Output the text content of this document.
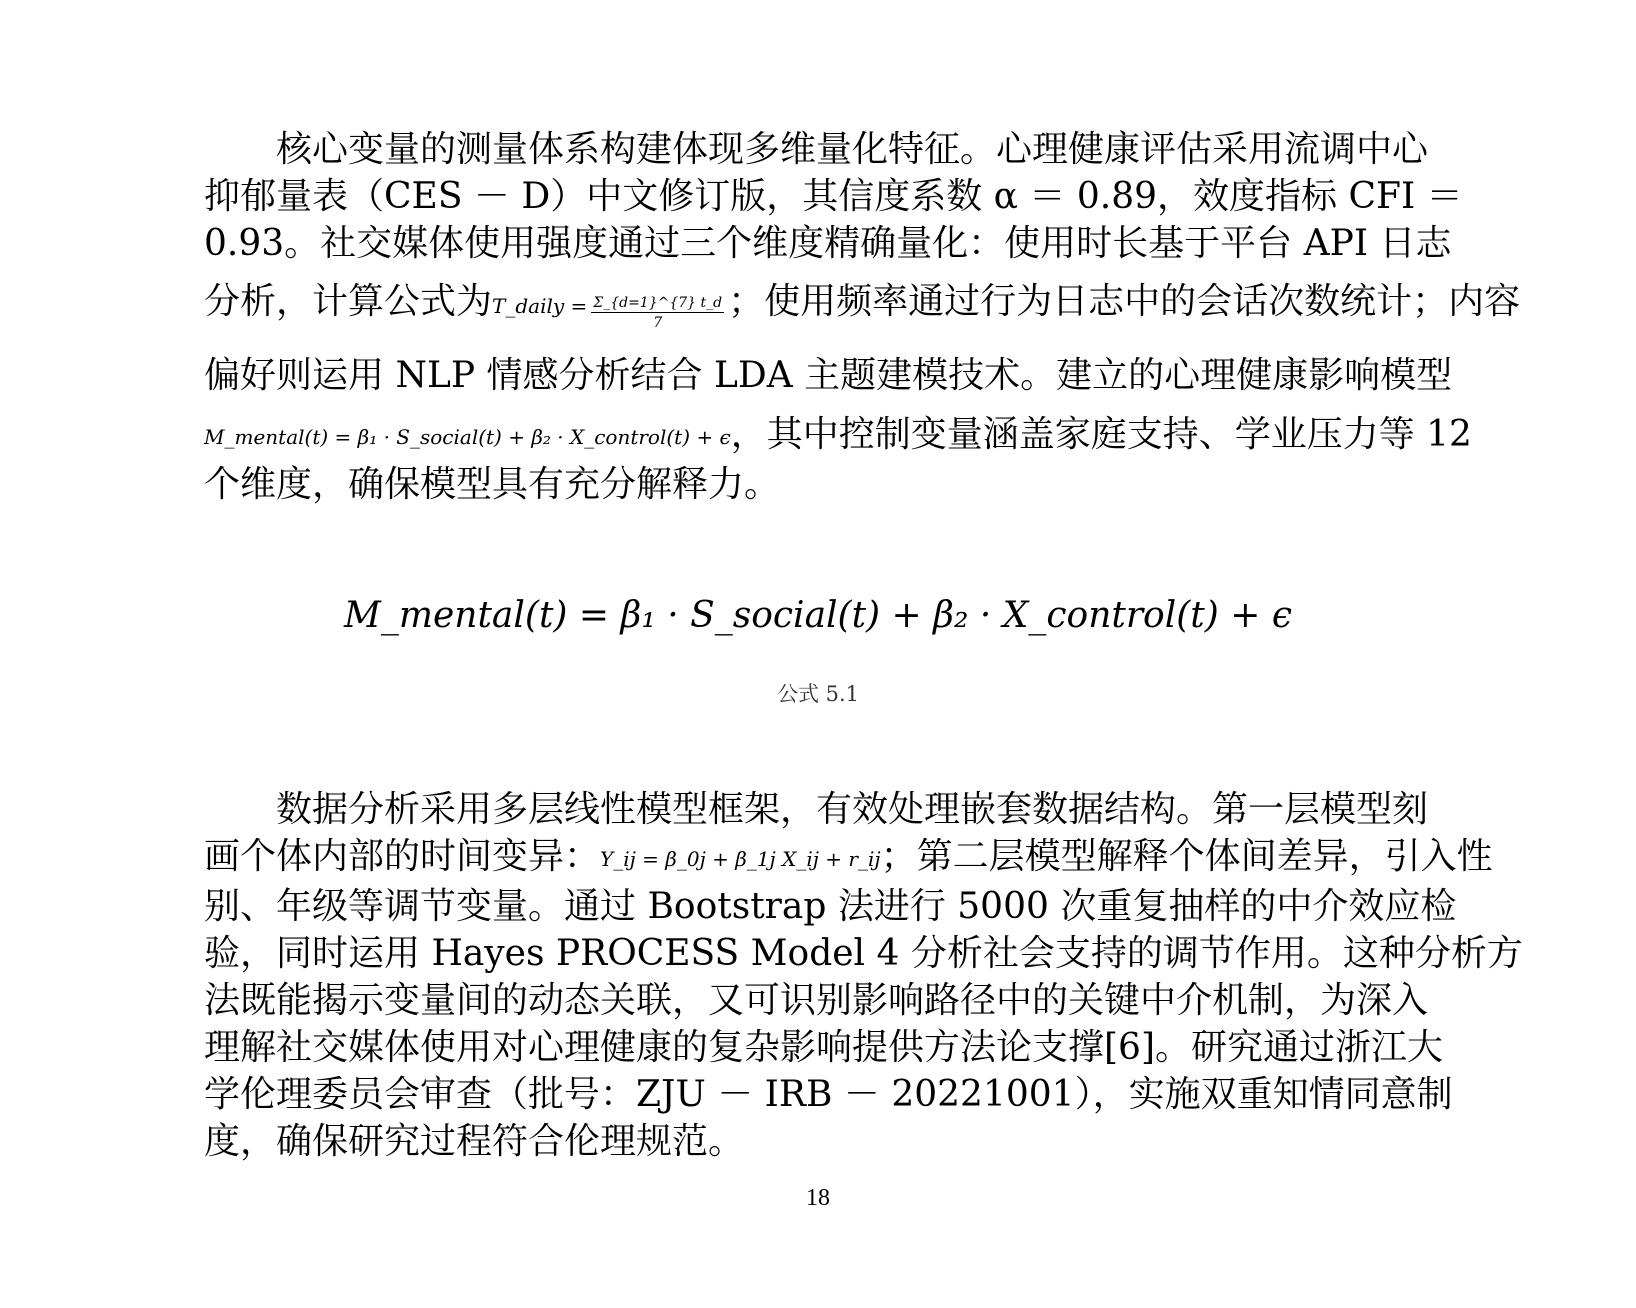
核心变量的测量体系构建体现多维量化特征。心理健康评估采用流调中心
抑郁量表（CES － D）中文修订版，其信度系数 α ＝ 0.89，效度指标 CFI ＝
0.93。社交媒体使用强度通过三个维度精确量化：使用时长基于平台 API 日志
分析，计算公式为T_daily = $\frac{\Sigma\_\{d=1\}\^{}\{7\} t\_d}{7}$ ；使用频率通过行为日志中的会话次数统计；内容
偏好则运用 NLP 情感分析结合 LDA 主题建模技术。建立的心理健康影响模型
M_mental(t) = β₁ · S_social(t) + β₂ · X_control(t) + ϵ，其中控制变量涵盖家庭支持、学业压力等 12
个维度，确保模型具有充分解释力。
M_mental(t) = β₁ · S_social(t) + β₂ · X_control(t) + ϵ
公式 5.1
数据分析采用多层线性模型框架，有效处理嵌套数据结构。第一层模型刻
画个体内部的时间变异：Y_ij = β_0j + β_1j X_ij + r_ij；第二层模型解释个体间差异，引入性
别、年级等调节变量。通过 Bootstrap 法进行 5000 次重复抽样的中介效应检
验，同时运用 Hayes PROCESS Model 4 分析社会支持的调节作用。这种分析方
法既能揭示变量间的动态关联，又可识别影响路径中的关键中介机制，为深入
理解社交媒体使用对心理健康的复杂影响提供方法论支撑[6]。研究通过浙江大
学伦理委员会审查（批号：ZJU － IRB － 20221001），实施双重知情同意制
度，确保研究过程符合伦理规范。
18
